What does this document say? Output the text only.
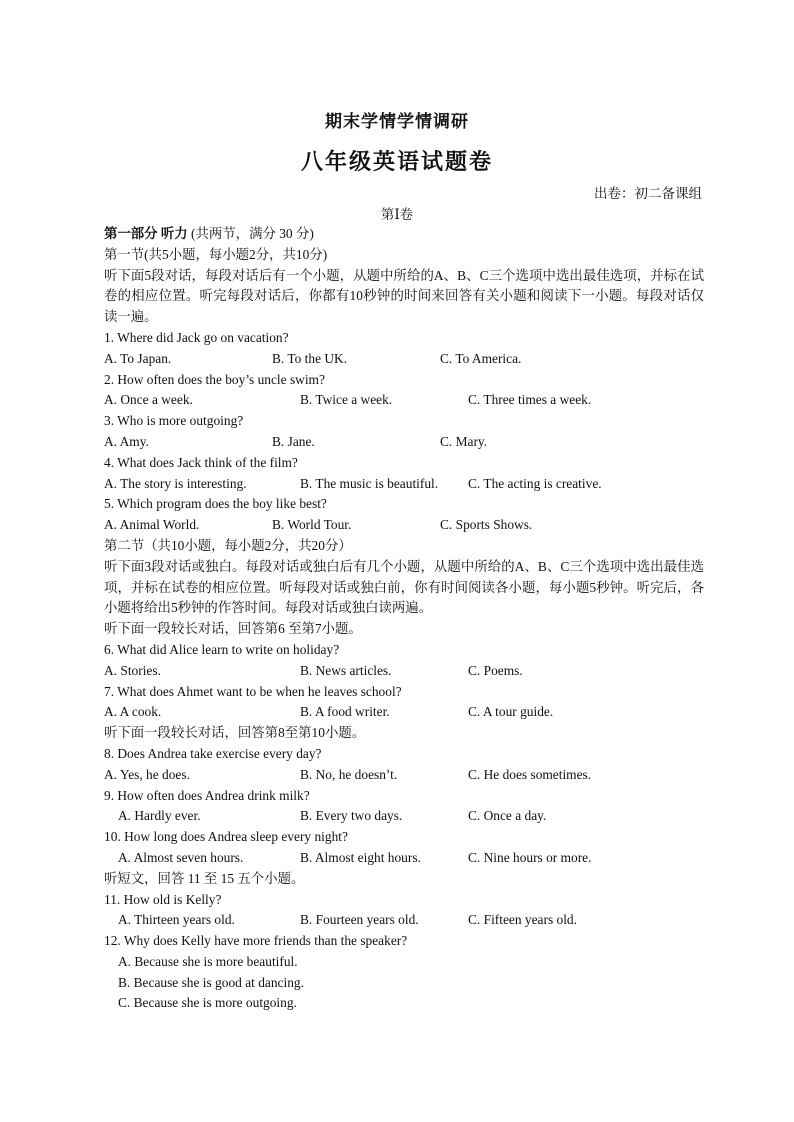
期末学情学情调研
八年级英语试题卷
出卷：初二备课组
第Ⅰ卷
第一部分 听力 (共两节，满分 30 分)
第一节(共5小题，每小题2分，共10分)
听下面5段对话，每段对话后有一个小题，从题中所给的A、B、C三个选项中选出最佳选项，并标在试卷的相应位置。听完每段对话后，你都有10秒钟的时间来回答有关小题和阅读下一小题。每段对话仅读一遍。
1. Where did Jack go on vacation?
A. To Japan.	B. To the UK.	C. To America.
2. How often does the boy’s uncle swim?
A. Once a week.	B. Twice a week.	C. Three times a week.
3. Who is more outgoing?
A. Amy.	B. Jane.	C. Mary.
4. What does Jack think of the film?
A. The story is interesting.	B. The music is beautiful. C. The acting is creative.
5. Which program does the boy like best?
A. Animal World.	B. World Tour.	C. Sports Shows.
第二节（共10小题，每小题2分，共20分）
听下面3段对话或独白。每段对话或独白后有几个小题，从题中所给的A、B、C三个选项中选出最佳选项，并标在试卷的相应位置。听每段对话或独白前，你有时间阅读各小题，每小题5秒钟。听完后，各小题将给出5秒钟的作答时间。每段对话或独白读两遍。
听下面一段较长对话，回答第6 至第7小题。
6. What did Alice learn to write on holiday?
A. Stories.	B. News articles.	C. Poems.
7. What does Ahmet want to be when he leaves school?
A. A cook.	B. A food writer.	C. A tour guide.
听下面一段较长对话，回答第8至第10小题。
8. Does Andrea take exercise every day?
A. Yes, he does.	B. No, he doesn’t.	C. He does sometimes.
9. How often does Andrea drink milk?
A. Hardly ever.	B. Every two days.	C. Once a day.
10. How long does Andrea sleep every night?
A. Almost seven hours.	B. Almost eight hours.	C. Nine hours or more.
听短文，回答 11 至 15 五个小题。
11. How old is Kelly?
A. Thirteen years old.	B. Fourteen years old.	C. Fifteen years old.
12. Why does Kelly have more friends than the speaker?
A. Because she is more beautiful.
B. Because she is good at dancing.
C. Because she is more outgoing.
